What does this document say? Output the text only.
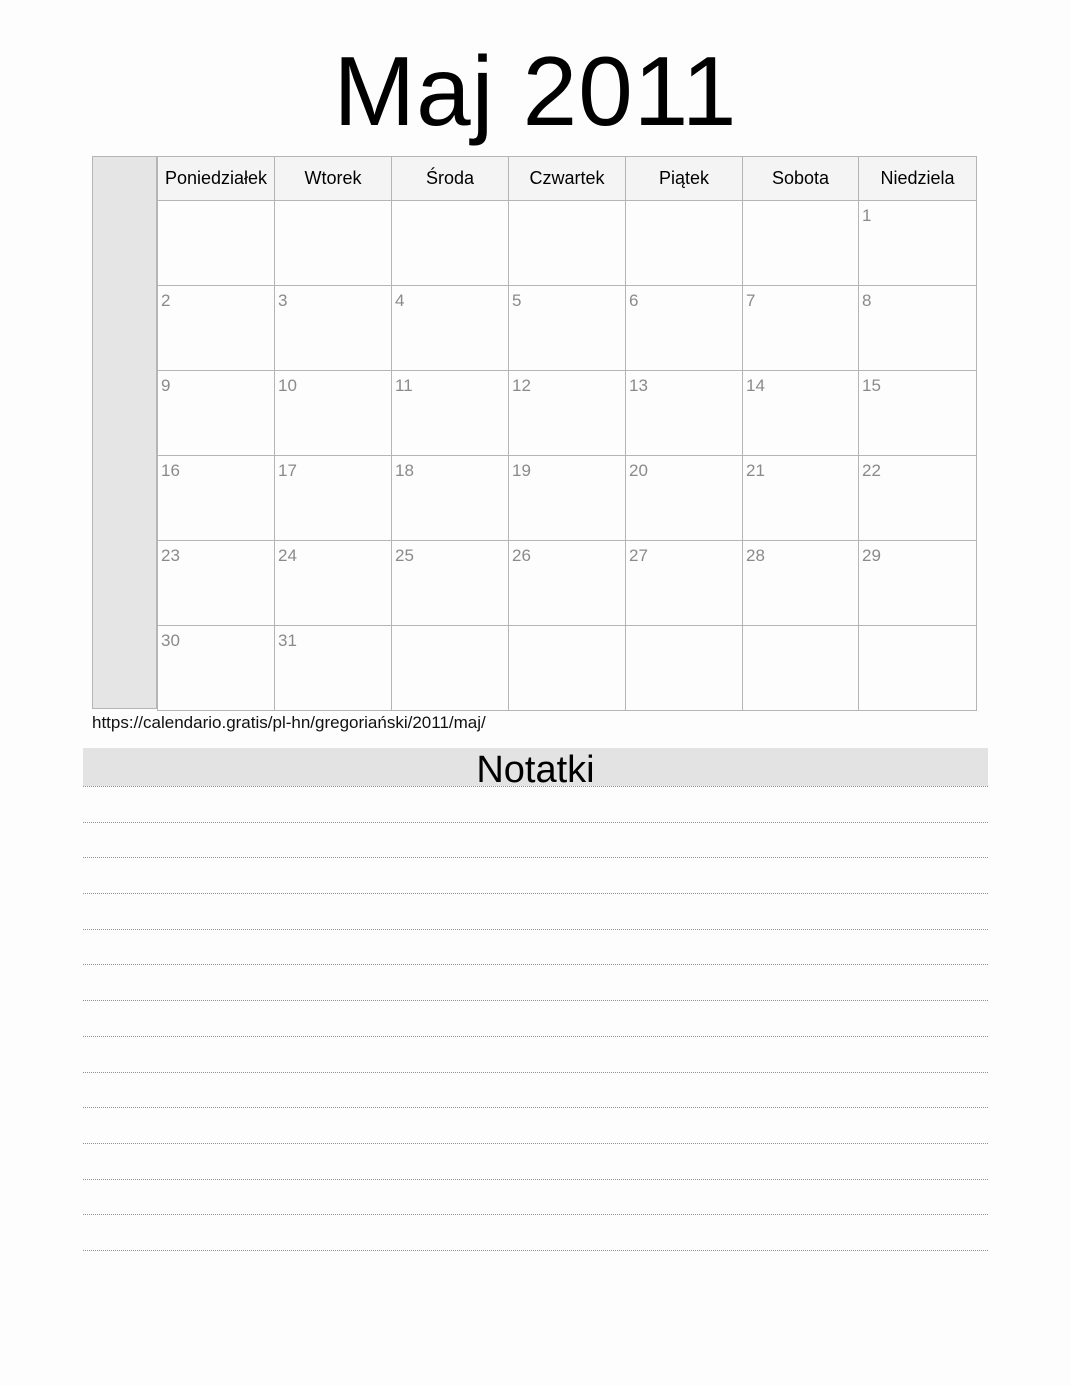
Maj 2011
Poniedziałek	Wtorek	Środa	Czwartek	Piątek	Sobota	Niedziela

						1

2	3	4	5	6	7	8

9	10	11	12	13	14	15

16	17	18	19	20	21	22

23	24	25	26	27	28	29

30	31					

https://calendario.gratis/pl-hn/gregoriański/2011/maj/
Notatki
